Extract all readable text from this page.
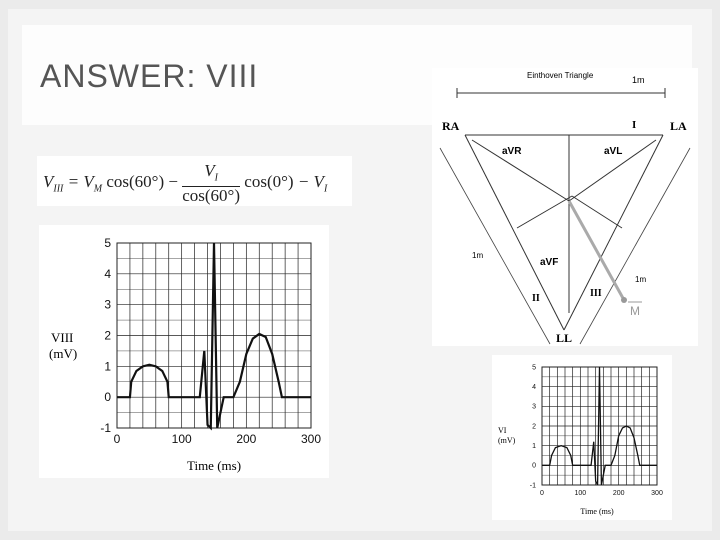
ANSWER: VIII
$V_{III} = V_M$ $\cos(60^\circ) - \frac{V_I}{\cos(60^\circ)} \cos(0^\circ) - V_I$
0	100	200	300
-1
0
1
2
3
4
5
VIII
(mV)
Time (ms)
Einthoven Triangle	1m
RA	LA
LL
I
II	III
aVR	aVL
aVF
1m
1m
M
0	100	200	300
-1
0
1
2
3
4
5
VI
(mV)
Time (ms)
